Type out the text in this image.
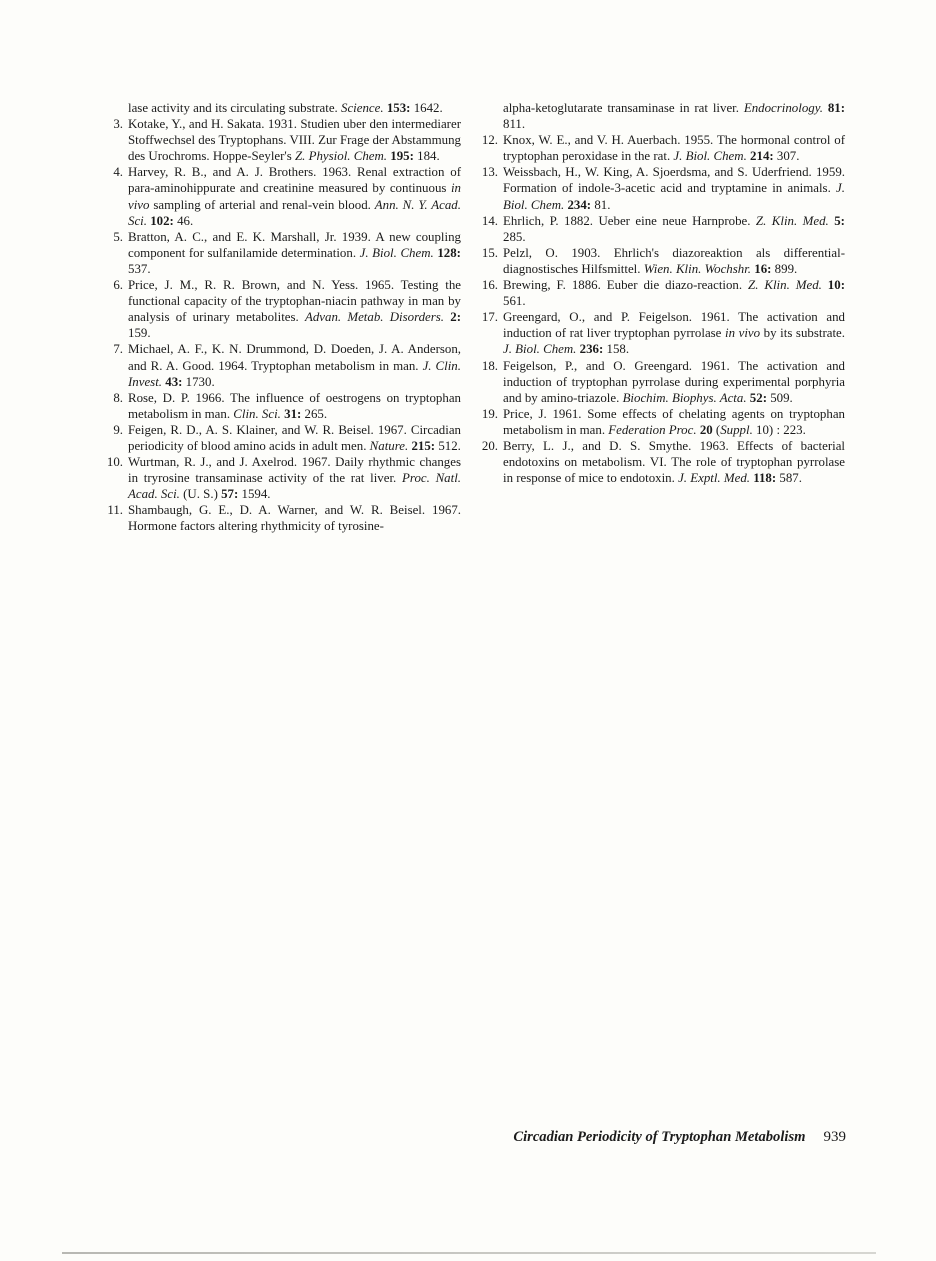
lase activity and its circulating substrate. Science. 153: 1642.
3. Kotake, Y., and H. Sakata. 1931. Studien uber den intermediarer Stoffwechsel des Tryptophans. VIII. Zur Frage der Abstammung des Urochroms. Hoppe-Seyler's Z. Physiol. Chem. 195: 184.
4. Harvey, R. B., and A. J. Brothers. 1963. Renal extraction of para-aminohippurate and creatinine measured by continuous in vivo sampling of arterial and renal-vein blood. Ann. N. Y. Acad. Sci. 102: 46.
5. Bratton, A. C., and E. K. Marshall, Jr. 1939. A new coupling component for sulfanilamide determination. J. Biol. Chem. 128: 537.
6. Price, J. M., R. R. Brown, and N. Yess. 1965. Testing the functional capacity of the tryptophan-niacin pathway in man by analysis of urinary metabolites. Advan. Metab. Disorders. 2: 159.
7. Michael, A. F., K. N. Drummond, D. Doeden, J. A. Anderson, and R. A. Good. 1964. Tryptophan metabolism in man. J. Clin. Invest. 43: 1730.
8. Rose, D. P. 1966. The influence of oestrogens on tryptophan metabolism in man. Clin. Sci. 31: 265.
9. Feigen, R. D., A. S. Klainer, and W. R. Beisel. 1967. Circadian periodicity of blood amino acids in adult men. Nature. 215: 512.
10. Wurtman, R. J., and J. Axelrod. 1967. Daily rhythmic changes in tryrosine transaminase activity of the rat liver. Proc. Natl. Acad. Sci. (U. S.) 57: 1594.
11. Shambaugh, G. E., D. A. Warner, and W. R. Beisel. 1967. Hormone factors altering rhythmicity of tyrosine-
alpha-ketoglutarate transaminase in rat liver. Endocrinology. 81: 811.
12. Knox, W. E., and V. H. Auerbach. 1955. The hormonal control of tryptophan peroxidase in the rat. J. Biol. Chem. 214: 307.
13. Weissbach, H., W. King, A. Sjoerdsma, and S. Uderfriend. 1959. Formation of indole-3-acetic acid and tryptamine in animals. J. Biol. Chem. 234: 81.
14. Ehrlich, P. 1882. Ueber eine neue Harnprobe. Z. Klin. Med. 5: 285.
15. Pelzl, O. 1903. Ehrlich's diazoreaktion als differential-diagnostisches Hilfsmittel. Wien. Klin. Wochshr. 16: 899.
16. Brewing, F. 1886. Euber die diazo-reaction. Z. Klin. Med. 10: 561.
17. Greengard, O., and P. Feigelson. 1961. The activation and induction of rat liver tryptophan pyrrolase in vivo by its substrate. J. Biol. Chem. 236: 158.
18. Feigelson, P., and O. Greengard. 1961. The activation and induction of tryptophan pyrrolase during experimental porphyria and by amino-triazole. Biochim. Biophys. Acta. 52: 509.
19. Price, J. 1961. Some effects of chelating agents on tryptophan metabolism in man. Federation Proc. 20 (Suppl. 10) : 223.
20. Berry, L. J., and D. S. Smythe. 1963. Effects of bacterial endotoxins on metabolism. VI. The role of tryptophan pyrrolase in response of mice to endotoxin. J. Exptl. Med. 118: 587.
Circadian Periodicity of Tryptophan Metabolism 939
